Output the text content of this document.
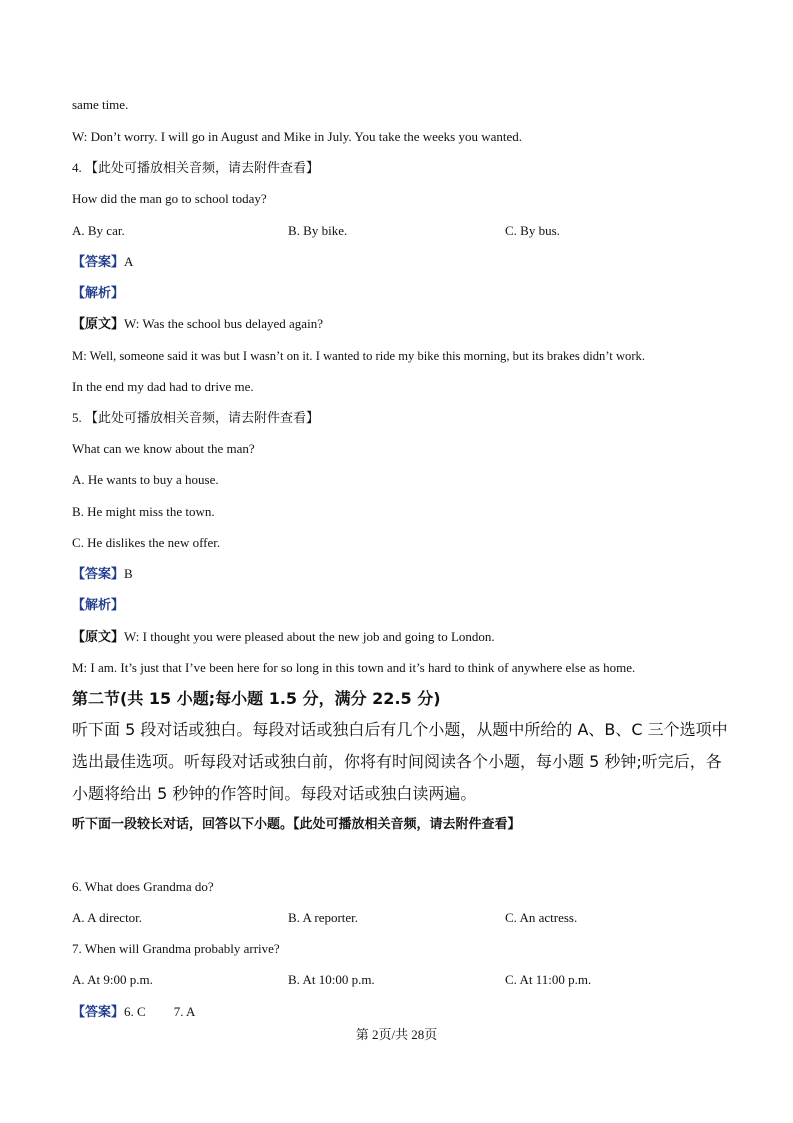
same time.
W: Don’t worry. I will go in August and Mike in July. You take the weeks you wanted.
4. 【此处可播放相关音频，请去附件查看】
How did the man go to school today?
A. By car.	B. By bike.	C. By bus.
【答案】A
【解析】
【原文】W: Was the school bus delayed again?
M: Well, someone said it was but I wasn’t on it. I wanted to ride my bike this morning, but its brakes didn’t work.
In the end my dad had to drive me.
5. 【此处可播放相关音频，请去附件查看】
What can we know about the man?
A. He wants to buy a house.
B. He might miss the town.
C. He dislikes the new offer.
【答案】B
【解析】
【原文】W: I thought you were pleased about the new job and going to London.
M: I am. It’s just that I’ve been here for so long in this town and it’s hard to think of anywhere else as home.
第二节(共 15 小题;每小题 1.5 分，满分 22.5 分)
听下面 5 段对话或独白。每段对话或独白后有几个小题，从题中所给的 A、B、C 三个选项中
选出最佳选项。听每段对话或独白前，你将有时间阅读各个小题，每小题 5 秒钟;听完后，各
小题将给出 5 秒钟的作答时间。每段对话或独白读两遍。
听下面一段较长对话，回答以下小题。【此处可播放相关音频，请去附件查看】
6. What does Grandma do?
A. A director.	B. A reporter.	C. An actress.
7. When will Grandma probably arrive?
A. At 9:00 p.m.	B. At 10:00 p.m.	C. At 11:00 p.m.
【答案】6. C 7. A
第 2页/共 28页
